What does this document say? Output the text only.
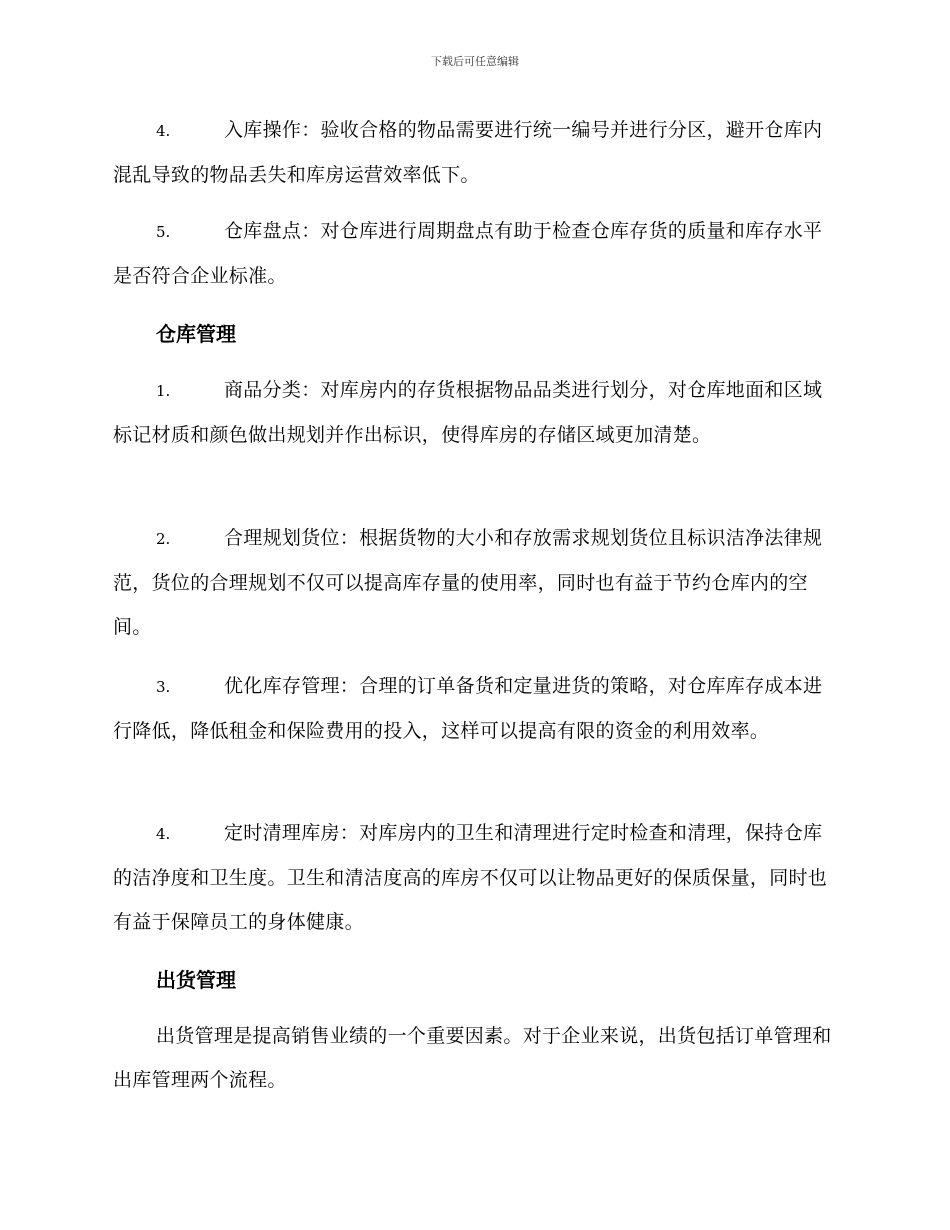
下载后可任意编辑
4.	入库操作：验收合格的物品需要进行统一编号并进行分区，避开仓库内混乱导致的物品丢失和库房运营效率低下。
5.	仓库盘点：对仓库进行周期盘点有助于检查仓库存货的质量和库存水平是否符合企业标准。
仓库管理
1.	商品分类：对库房内的存货根据物品品类进行划分，对仓库地面和区域标记材质和颜色做出规划并作出标识，使得库房的存储区域更加清楚。
2.	合理规划货位：根据货物的大小和存放需求规划货位且标识洁净法律规范，货位的合理规划不仅可以提高库存量的使用率，同时也有益于节约仓库内的空间。
3.	优化库存管理：合理的订单备货和定量进货的策略，对仓库库存成本进行降低，降低租金和保险费用的投入，这样可以提高有限的资金的利用效率。
4.	定时清理库房：对库房内的卫生和清理进行定时检查和清理，保持仓库的洁净度和卫生度。卫生和清洁度高的库房不仅可以让物品更好的保质保量，同时也有益于保障员工的身体健康。
出货管理
出货管理是提高销售业绩的一个重要因素。对于企业来说，出货包括订单管理和出库管理两个流程。
